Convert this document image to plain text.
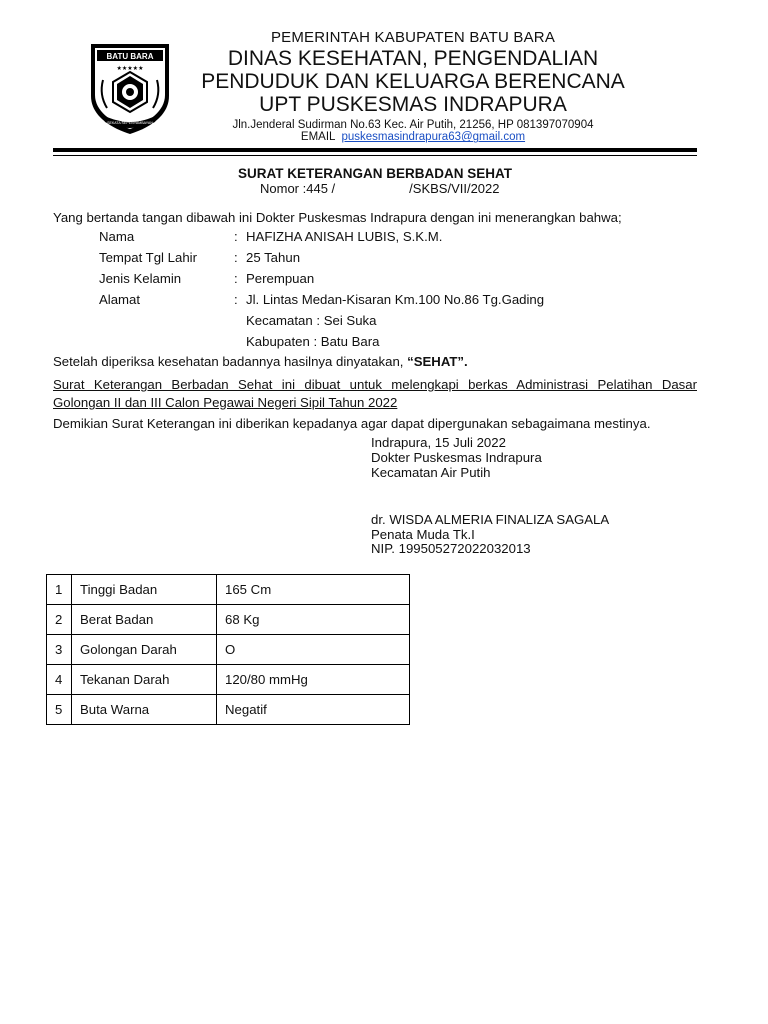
BATU BARA
★★★★★
SEKATA SEPENYAMBAYAN
PEMERINTAH KABUPATEN BATU BARA
DINAS KESEHATAN, PENGENDALIAN
PENDUDUK DAN KELUARGA BERENCANA
UPT PUSKESMAS INDRAPURA
Jln.Jenderal Sudirman No.63 Kec. Air Putih, 21256, HP 081397070904
EMAIL puskesmasindrapura63@gmail.com
SURAT KETERANGAN BERBADAN SEHAT
Nomor :445 /	/SKBS/VII/2022
Yang bertanda tangan dibawah ini Dokter Puskesmas Indrapura dengan ini menerangkan bahwa;
Nama	: HAFIZHA ANISAH LUBIS, S.K.M.
Tempat Tgl Lahir	: 25 Tahun
Jenis Kelamin	: Perempuan
Alamat	: Jl. Lintas Medan-Kisaran Km.100 No.86 Tg.Gading
Kecamatan : Sei Suka
Kabupaten : Batu Bara
Setelah diperiksa kesehatan badannya hasilnya dinyatakan, “SEHAT”.
Surat Keterangan Berbadan Sehat ini dibuat untuk melengkapi berkas Administrasi Pelatihan Dasar
Golongan II dan III Calon Pegawai Negeri Sipil Tahun 2022
Demikian Surat Keterangan ini diberikan kepadanya agar dapat dipergunakan sebagaimana mestinya.
Indrapura, 15 Juli 2022
Dokter Puskesmas Indrapura
Kecamatan Air Putih
dr. WISDA ALMERIA FINALIZA SAGALA
Penata Muda Tk.I
NIP. 199505272022032013
1	Tinggi Badan	165 Cm
2	Berat Badan	68 Kg
3	Golongan Darah	O
4	Tekanan Darah	120/80 mmHg
5	Buta Warna	Negatif
